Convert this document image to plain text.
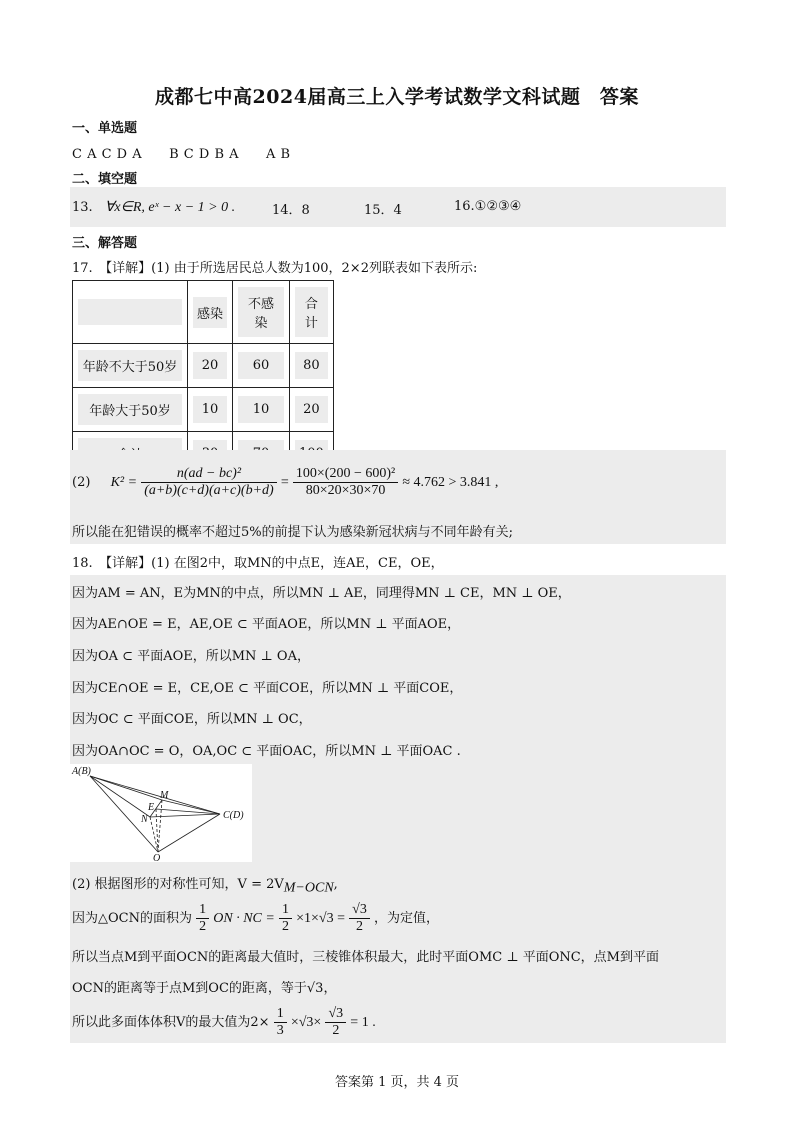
成都七中高2024届高三上入学考试数学文科试题　答案
一、单选题
C A C D A　　B C D B A　　A B
二、填空题
13. ∀x∈R, eˣ − x − 1 > 0 .	14．8	15．4	16.①②③④
三、解答题
17.　【详解】(1) 由于所选居民总人数为100，2×2列联表如下表所示:

	感染	不感染	合计

年龄不大于50岁	20	60	80

年龄大于50岁	10	10	20

(2) $K^2 = \frac{\text{n(ad − bc)²}}{(a+b)(c+d)(a+c)(b+d)} = \frac{\text{100×(200 − 600)²}}{80\times 20\times 30\times 70} \approx 4.762 > 3.841$ ,
所以能在犯错误的概率不超过5%的前提下认为感染新冠状病与不同年龄有关;
18.　【详解】(1) 在图2中，取MN的中点E，连AE，CE，OE，
因为AM = AN，E为MN的中点，所以MN ⊥ AE，同理得MN ⊥ CE，MN ⊥ OE，
因为AE∩OE = E，AE,OE ⊂ 平面AOE，所以MN ⊥ 平面AOE，
因为OA ⊂ 平面AOE，所以MN ⊥ OA，
因为CE∩OE = E，CE,OE ⊂ 平面COE，所以MN ⊥ 平面COE，
因为OC ⊂ 平面COE，所以MN ⊥ OC，
因为OA∩OC = O，OA,OC ⊂ 平面OAC，所以MN ⊥ 平面OAC .
A(B)
M
E
N	C(D)
O
(2) 根据图形的对称性可知，$V = 2V_{M-OCN}$,
因为△OCN的面积为 $\frac{1}{2}$ ON · NC = $\frac{1}{2} \times 1\times√3 = \frac{√3}{2}$ ，为定值，
所以当点M到平面OCN的距离最大值时，三棱锥体积最大，此时平面OMC ⊥ 平面ONC，点M到平面
OCN的距离等于点M到OC的距离，等于√3，
所以此多面体体积V的最大值为$2\times \frac{1}{3} \times√3\times \frac{√3}{2} = 1$ .
答案第 1 页，共 4 页
